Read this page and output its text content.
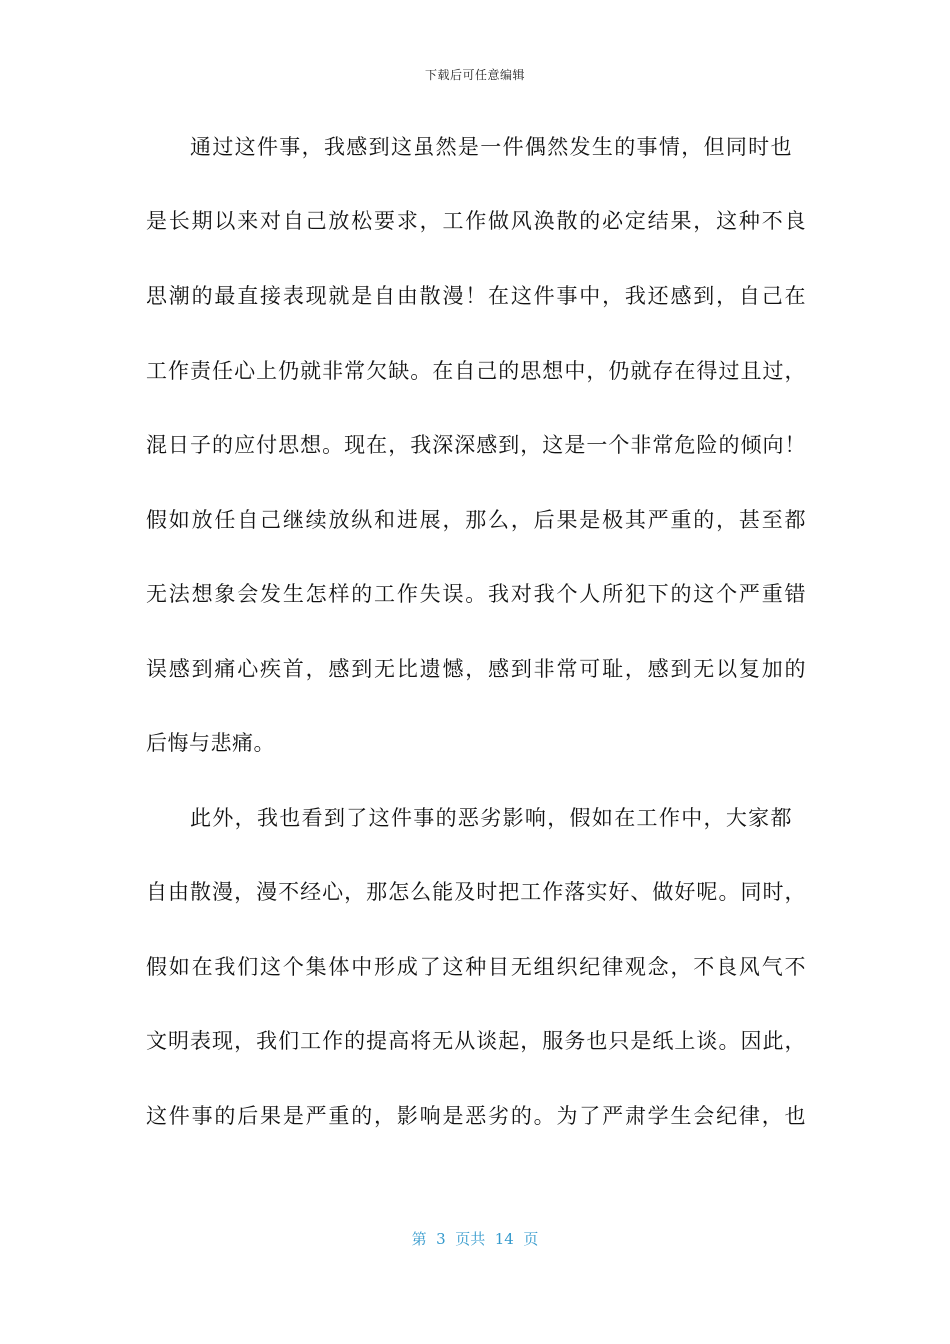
下载后可任意编辑
通过这件事，我感到这虽然是一件偶然发生的事情，但同时也
是长期以来对自己放松要求，工作做风涣散的必定结果，这种不良
思潮的最直接表现就是自由散漫！在这件事中，我还感到，自己在
工作责任心上仍就非常欠缺。在自己的思想中，仍就存在得过且过，
混日子的应付思想。现在，我深深感到，这是一个非常危险的倾向！
假如放任自己继续放纵和进展，那么，后果是极其严重的，甚至都
无法想象会发生怎样的工作失误。我对我个人所犯下的这个严重错
误感到痛心疾首，感到无比遗憾，感到非常可耻，感到无以复加的
后悔与悲痛。
此外，我也看到了这件事的恶劣影响，假如在工作中，大家都
自由散漫，漫不经心，那怎么能及时把工作落实好、做好呢。同时，
假如在我们这个集体中形成了这种目无组织纪律观念，不良风气不
文明表现，我们工作的提高将无从谈起，服务也只是纸上谈。因此，
这件事的后果是严重的，影响是恶劣的。为了严肃学生会纪律，也
第  3  页共  14  页
